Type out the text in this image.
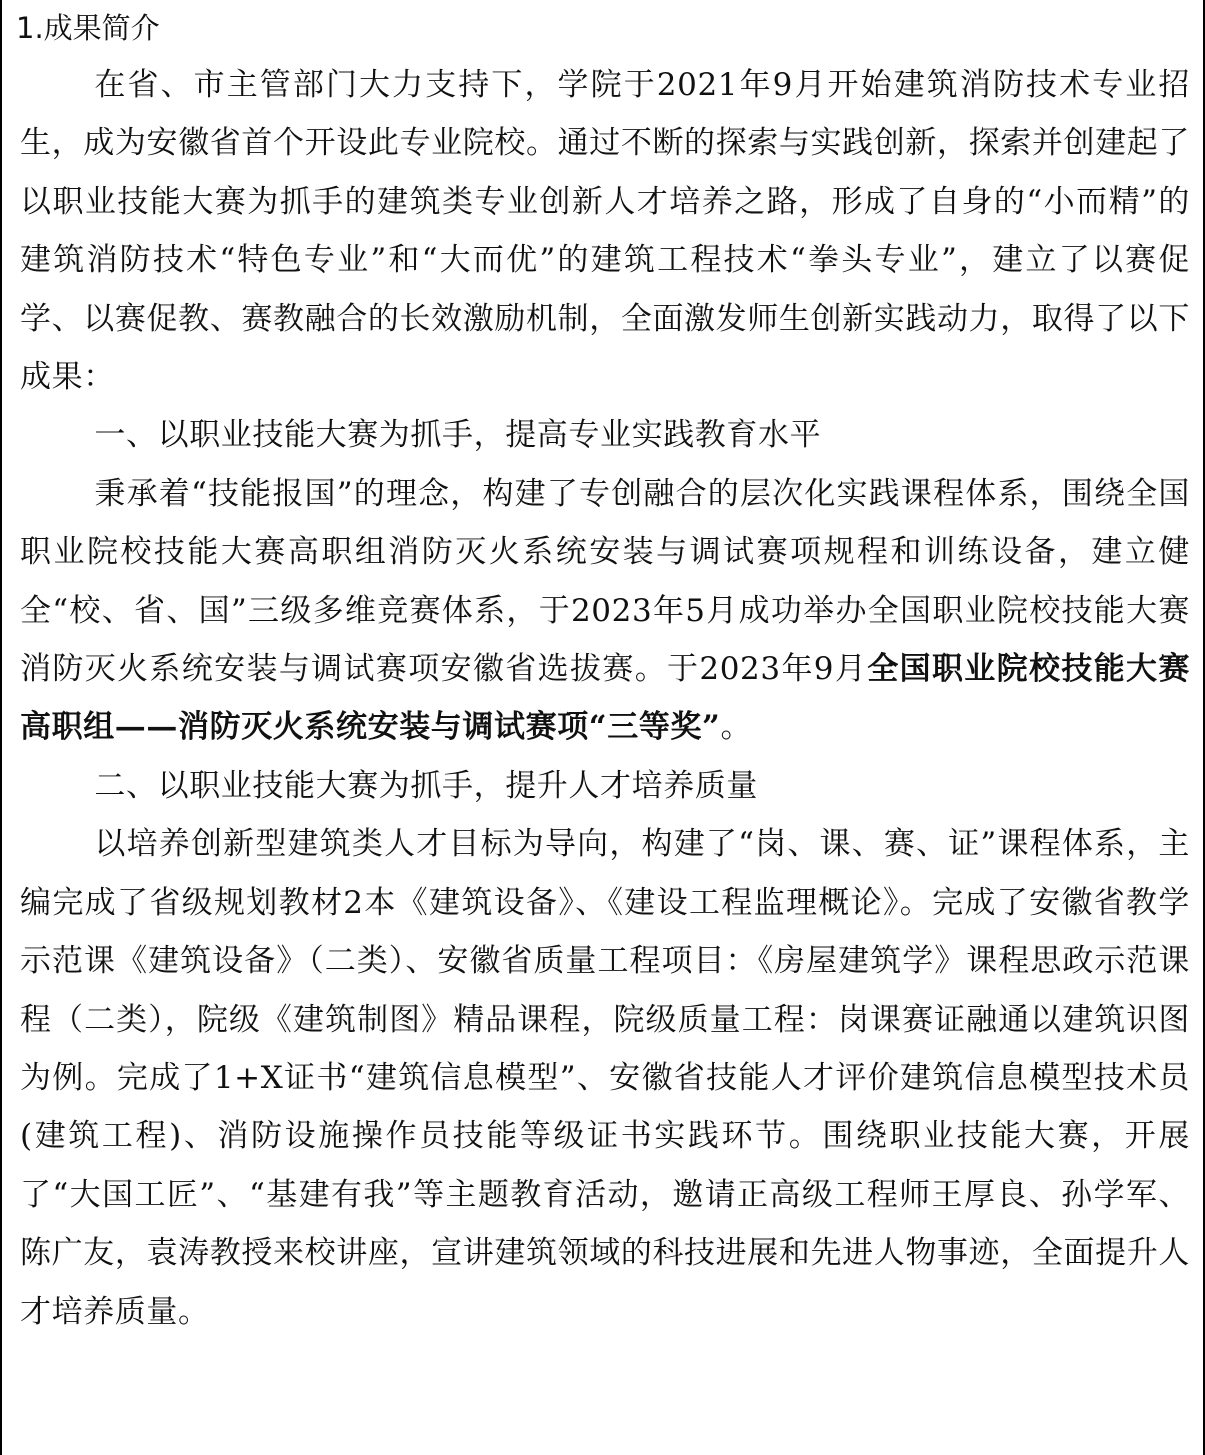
1.成果简介

在省、市主管部门大力支持下，学院于2021年9月开始建筑消防技术专业招生，成为安徽省首个开设此专业院校。通过不断的探索与实践创新，探索并创建起了以职业技能大赛为抓手的建筑类专业创新人才培养之路，形成了自身的“小而精”的建筑消防技术“特色专业”和“大而优”的建筑工程技术“拳头专业”，建立了以赛促学、以赛促教、赛教融合的长效激励机制，全面激发师生创新实践动力，取得了以下成果：

一、以职业技能大赛为抓手，提高专业实践教育水平

秉承着“技能报国”的理念，构建了专创融合的层次化实践课程体系，围绕全国职业院校技能大赛高职组消防灭火系统安装与调试赛项规程和训练设备，建立健全“校、省、国”三级多维竞赛体系，于2023年5月成功举办全国职业院校技能大赛消防灭火系统安装与调试赛项安徽省选拔赛。于2023年9月全国职业院校技能大赛高职组——消防灭火系统安装与调试赛项“三等奖”。

二、以职业技能大赛为抓手，提升人才培养质量

以培养创新型建筑类人才目标为导向，构建了“岗、课、赛、证”课程体系，主编完成了省级规划教材2本《建筑设备》、《建设工程监理概论》。完成了安徽省教学示范课《建筑设备》（二类）、安徽省质量工程项目：《房屋建筑学》课程思政示范课程（二类），院级《建筑制图》精品课程，院级质量工程：岗课赛证融通以建筑识图为例。完成了1+X证书“建筑信息模型”、安徽省技能人才评价建筑信息模型技术员(建筑工程)、消防设施操作员技能等级证书实践环节。围绕职业技能大赛，开展了“大国工匠”、“基建有我”等主题教育活动，邀请正高级工程师王厚良、孙学军、陈广友，袁涛教授来校讲座，宣讲建筑领域的科技进展和先进人物事迹，全面提升人才培养质量。
